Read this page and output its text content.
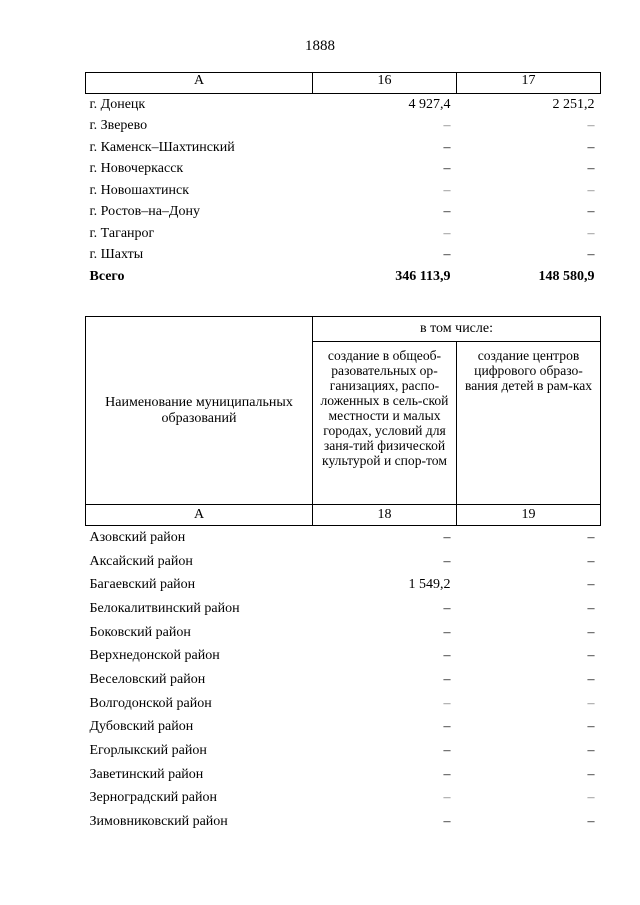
1888
А	16	17
г. Донецк	4 927,4	2 251,2
г. Зверево	–	–
г. Каменск–Шахтинский	–	–
г. Новочеркасск	–	–
г. Новошахтинск	–	–
г. Ростов–на–Дону	–	–
г. Таганрог	–	–
г. Шахты	–	–
Всего	346 113,9	148 580,9
Наименование муниципальных образований	в том числе:	
	создание в общеоб-разовательных ор-ганизациях, распо-ложенных в сель-ской местности и малых городах, условий для заня-тий физической культурой и спор-том	создание центров цифрового образо-вания детей в рам-ках
А	18	19
Азовский район	–	–
Аксайский район	–	–
Багаевский район	1 549,2	–
Белокалитвинский район	–	–
Боковский район	–	–
Верхнедонской район	–	–
Веселовский район	–	–
Волгодонской район	–	–
Дубовский район	–	–
Егорлыкский район	–	–
Заветинский район	–	–
Зерноградский район	–	–
Зимовниковский район	–	–
